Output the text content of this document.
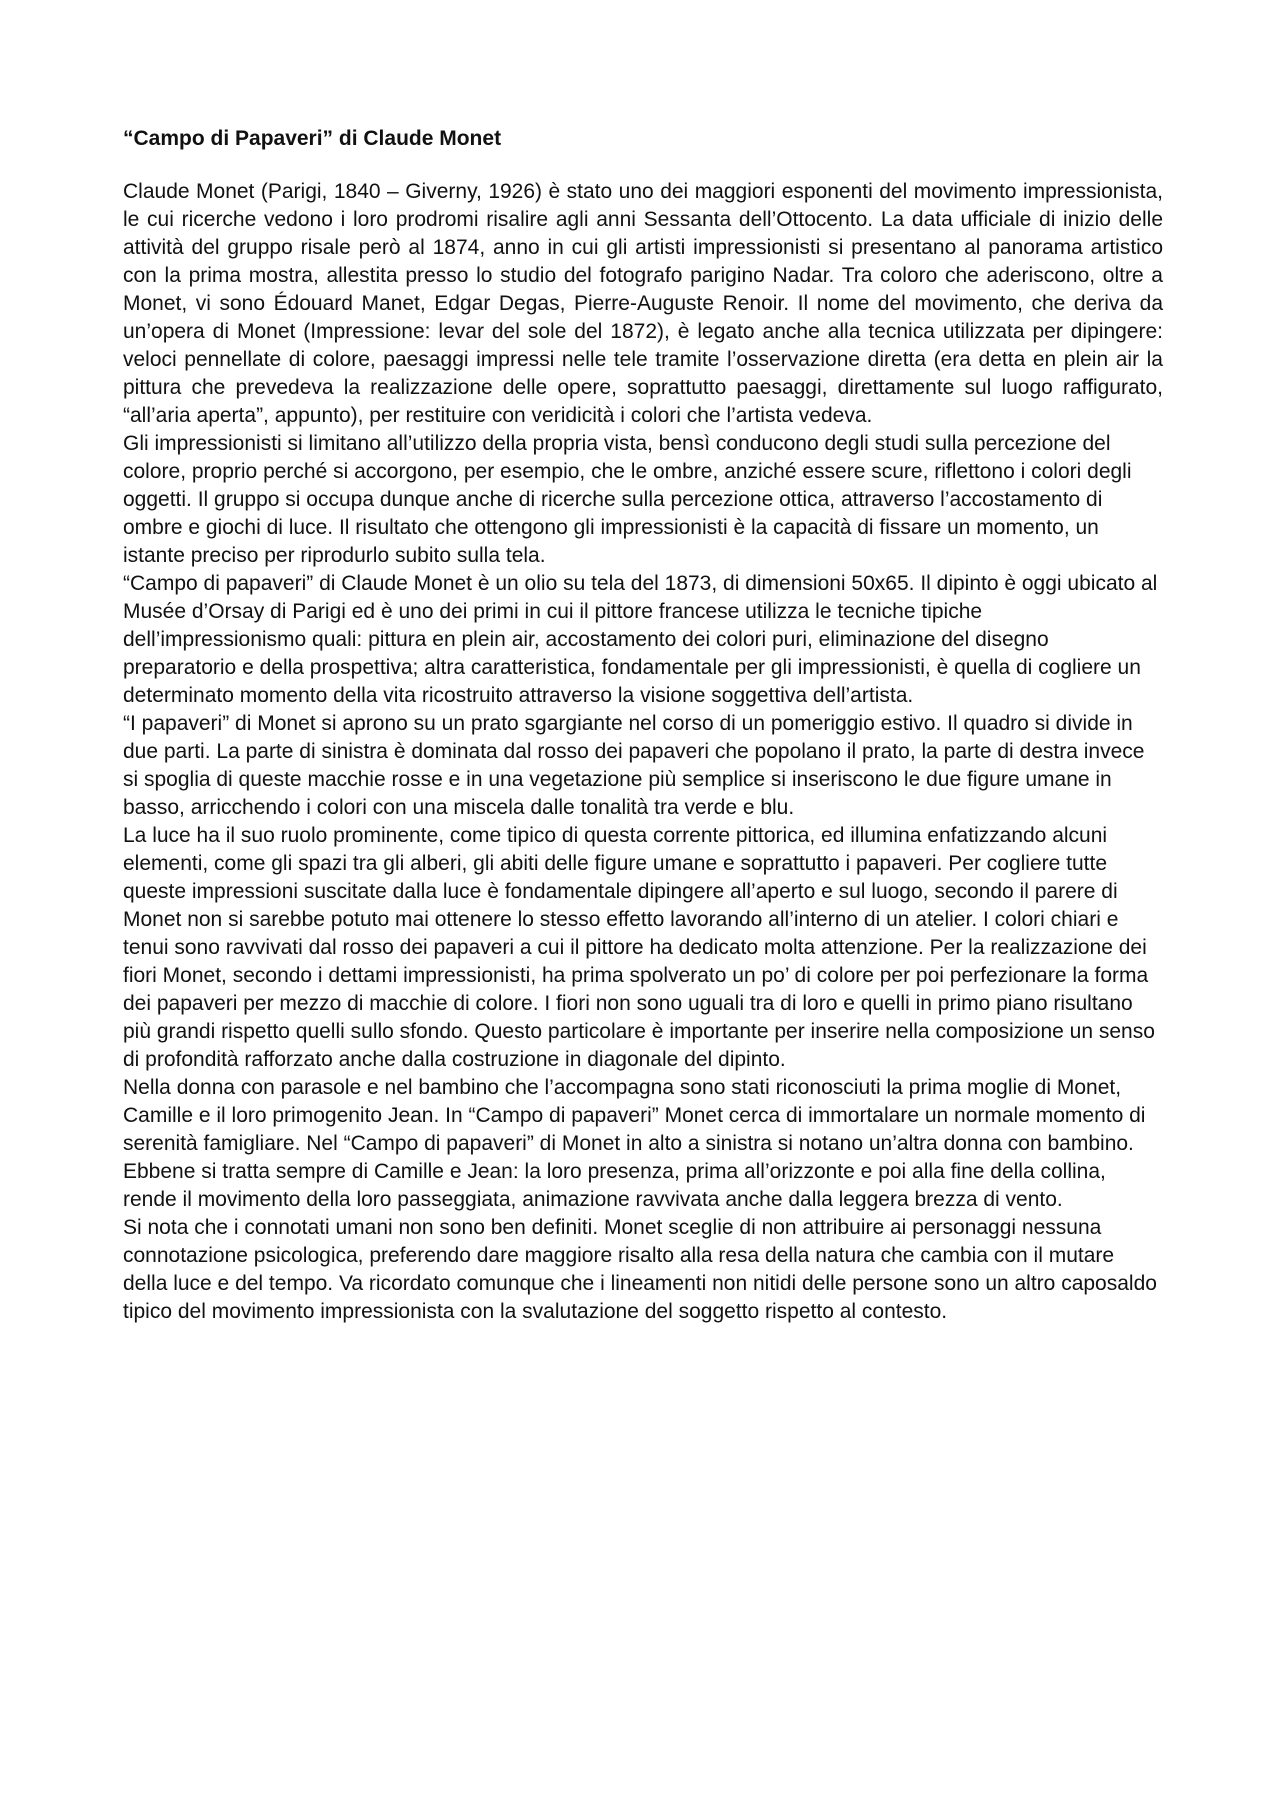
“Campo di Papaveri” di Claude Monet

Claude Monet (Parigi, 1840 – Giverny, 1926) è stato uno dei maggiori esponenti del movimento impressionista, le cui ricerche vedono i loro prodromi risalire agli anni Sessanta dell’Ottocento. La data ufficiale di inizio delle attività del gruppo risale però al 1874, anno in cui gli artisti impressionisti si presentano al panorama artistico con la prima mostra, allestita presso lo studio del fotografo parigino Nadar. Tra coloro che aderiscono, oltre a Monet, vi sono Édouard Manet, Edgar Degas, Pierre-Auguste Renoir. Il nome del movimento, che deriva da un’opera di Monet (Impressione: levar del sole del 1872), è legato anche alla tecnica utilizzata per dipingere: veloci pennellate di colore, paesaggi impressi nelle tele tramite l’osservazione diretta (era detta en plein air la pittura che prevedeva la realizzazione delle opere, soprattutto paesaggi, direttamente sul luogo raffigurato, “all’aria aperta”, appunto), per restituire con veridicità i colori che l’artista vedeva.

Gli impressionisti si limitano all’utilizzo della propria vista, bensì conducono degli studi sulla percezione del colore, proprio perché si accorgono, per esempio, che le ombre, anziché essere scure, riflettono i colori degli oggetti. Il gruppo si occupa dunque anche di ricerche sulla percezione ottica, attraverso l’accostamento di ombre e giochi di luce. Il risultato che ottengono gli impressionisti è la capacità di fissare un momento, un istante preciso per riprodurlo subito sulla tela.

“Campo di papaveri” di Claude Monet è un olio su tela del 1873, di dimensioni 50x65. Il dipinto è oggi ubicato al Musée d’Orsay di Parigi ed è uno dei primi in cui il pittore francese utilizza le tecniche tipiche dell’impressionismo quali: pittura en plein air, accostamento dei colori puri, eliminazione del disegno preparatorio e della prospettiva; altra caratteristica, fondamentale per gli impressionisti, è quella di cogliere un determinato momento della vita ricostruito attraverso la visione soggettiva dell’artista.

“I papaveri” di Monet si aprono su un prato sgargiante nel corso di un pomeriggio estivo. Il quadro si divide in due parti. La parte di sinistra è dominata dal rosso dei papaveri che popolano il prato, la parte di destra invece si spoglia di queste macchie rosse e in una vegetazione più semplice si inseriscono le due figure umane in basso, arricchendo i colori con una miscela dalle tonalità tra verde e blu.

La luce ha il suo ruolo prominente, come tipico di questa corrente pittorica, ed illumina enfatizzando alcuni elementi, come gli spazi tra gli alberi, gli abiti delle figure umane e soprattutto i papaveri. Per cogliere tutte queste impressioni suscitate dalla luce è fondamentale dipingere all’aperto e sul luogo, secondo il parere di Monet non si sarebbe potuto mai ottenere lo stesso effetto lavorando all’interno di un atelier. I colori chiari e tenui sono ravvivati dal rosso dei papaveri a cui il pittore ha dedicato molta attenzione. Per la realizzazione dei fiori Monet, secondo i dettami impressionisti, ha prima spolverato un po’ di colore per poi perfezionare la forma dei papaveri per mezzo di macchie di colore. I fiori non sono uguali tra di loro e quelli in primo piano risultano più grandi rispetto quelli sullo sfondo. Questo particolare è importante per inserire nella composizione un senso di profondità rafforzato anche dalla costruzione in diagonale del dipinto.

Nella donna con parasole e nel bambino che l’accompagna sono stati riconosciuti la prima moglie di Monet, Camille e il loro primogenito Jean. In “Campo di papaveri” Monet cerca di immortalare un normale momento di serenità famigliare. Nel “Campo di papaveri” di Monet in alto a sinistra si notano un’altra donna con bambino. Ebbene si tratta sempre di Camille e Jean: la loro presenza, prima all’orizzonte e poi alla fine della collina, rende il movimento della loro passeggiata, animazione ravvivata anche dalla leggera brezza di vento.

Si nota che i connotati umani non sono ben definiti. Monet sceglie di non attribuire ai personaggi nessuna connotazione psicologica, preferendo dare maggiore risalto alla resa della natura che cambia con il mutare della luce e del tempo. Va ricordato comunque che i lineamenti non nitidi delle persone sono un altro caposaldo tipico del movimento impressionista con la svalutazione del soggetto rispetto al contesto.
